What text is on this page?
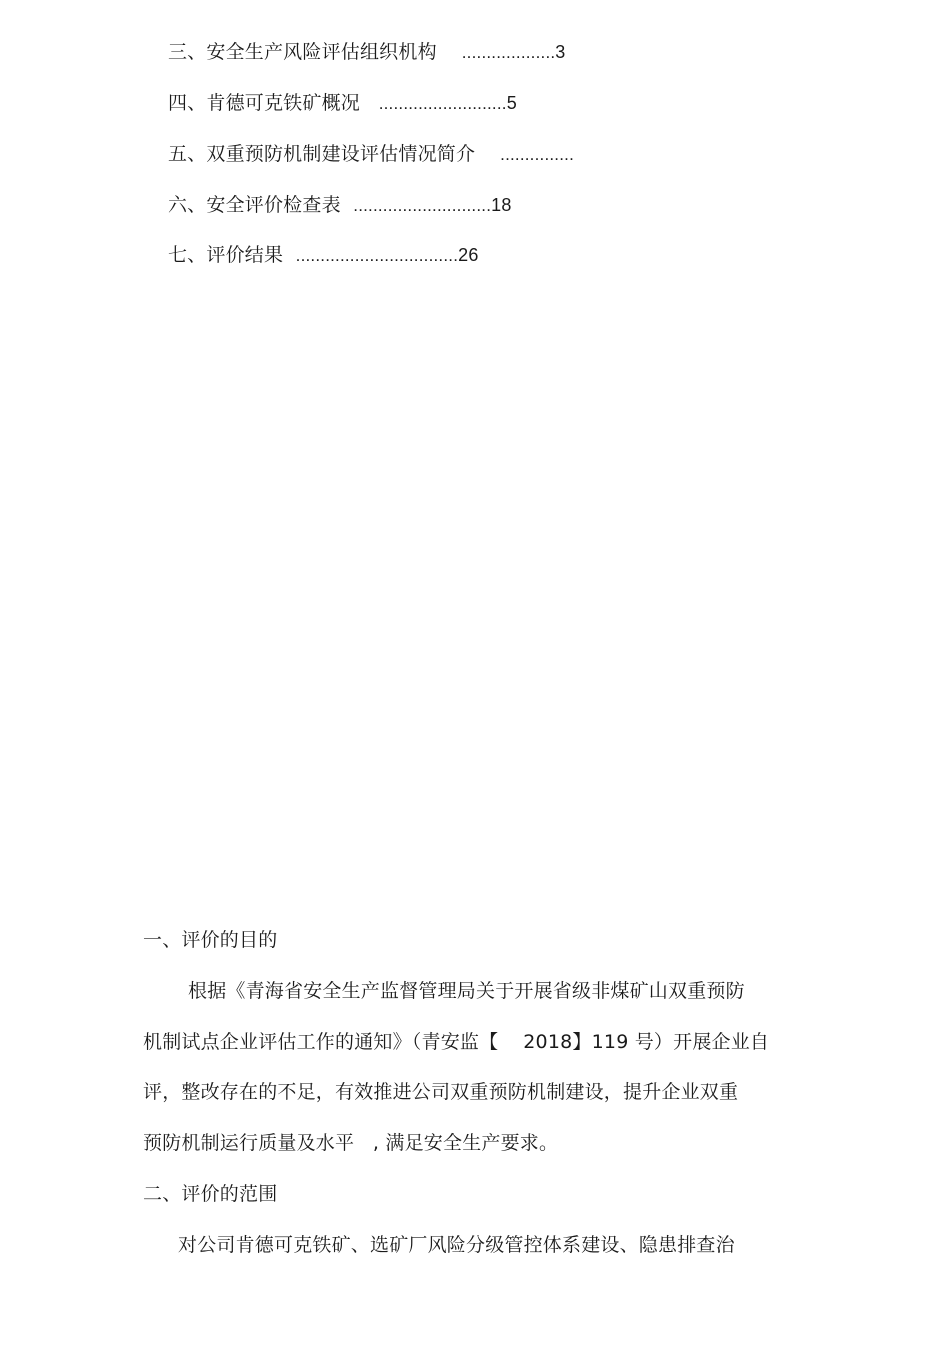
三、安全生产风险评估组织机构 ...................3

四、肯德可克铁矿概况 ..........................5

五、双重预防机制建设评估情况简介 ...............

六、安全评价检查表 ............................18

七、评价结果 .................................26

一、评价的目的
根据《青海省安全生产监督管理局关于开展省级非煤矿山双重预防
机制试点企业评估工作的通知》（青安监【    2018】119 号）开展企业自
评，整改存在的不足，有效推进公司双重预防机制建设，提升企业双重
预防机制运行质量及水平   , 满足安全生产要求。
二、评价的范围
对公司肯德可克铁矿、选矿厂风险分级管控体系建设、隐患排查治
